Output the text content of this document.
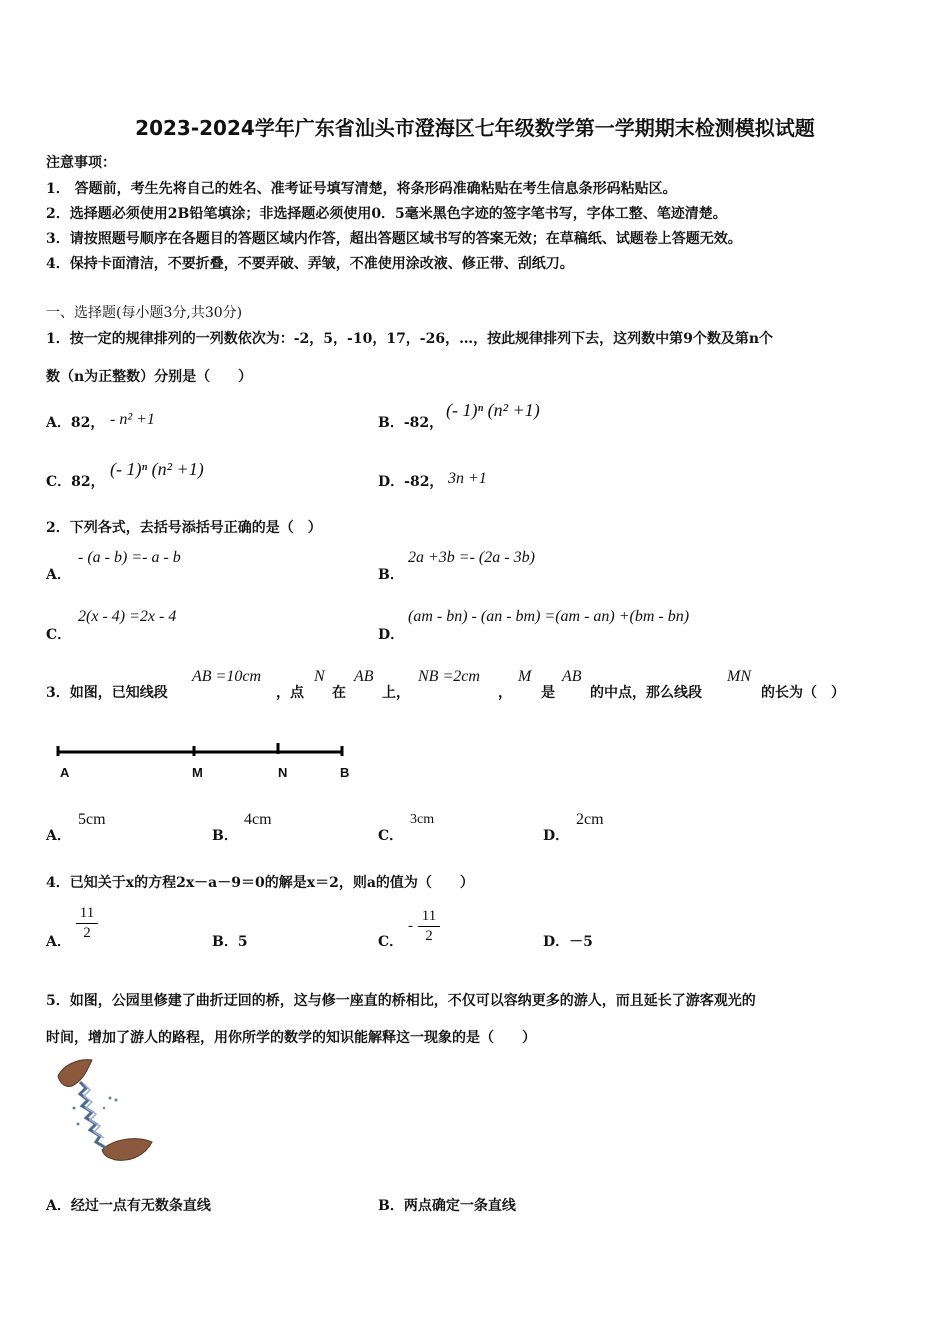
2023-2024学年广东省汕头市澄海区七年级数学第一学期期末检测模拟试题
注意事项：
1． 答题前，考生先将自己的姓名、准考证号填写清楚，将条形码准确粘贴在考生信息条形码粘贴区。
2．选择题必须使用2B铅笔填涂；非选择题必须使用0．5毫米黑色字迹的签字笔书写，字体工整、笔迹清楚。
3．请按照题号顺序在各题目的答题区域内作答，超出答题区域书写的答案无效；在草稿纸、试题卷上答题无效。
4．保持卡面清洁，不要折叠，不要弄破、弄皱，不准使用涂改液、修正带、刮纸刀。
一、选择题(每小题3分,共30分)
1．按一定的规律排列的一列数依次为：-2，5，-10，17，-26，…，按此规律排列下去，这列数中第9个数及第n个
数（n为正整数）分别是（　　）
A．82， - n² +1	B．-82，
(- 1)ⁿ (n² +1)
C．82，
(- 1)ⁿ (n² +1)
D．-82， 3n +1
2．下列各式，去括号添括号正确的是（　）
A．
- (a - b) =- a - b
B．
2a +3b =- (2a - 3b)
C．
2(x - 4) =2x - 4
D．
(am - bn) - (an - bm) =(am - an) +(bm - bn)
3．如图，已知线段
AB =10cm
，点
N
在
AB
上，
NB =2cm
，
M
是
AB
的中点，那么线段
MN
的长为（　）
A	M	N	B
A．
5cm
B．
4cm
C．
3cm
D．
2cm
4．已知关于x的方程2x－a－9＝0的解是x＝2，则a的值为（　　）
A．
11
2
B．5	C．
-
11
2	D．－5
5．如图，公园里修建了曲折迂回的桥，这与修一座直的桥相比，不仅可以容纳更多的游人，而且延长了游客观光的
时间，增加了游人的路程，用你所学的数学的知识能解释这一现象的是（　　）
A．经过一点有无数条直线	B．两点确定一条直线
